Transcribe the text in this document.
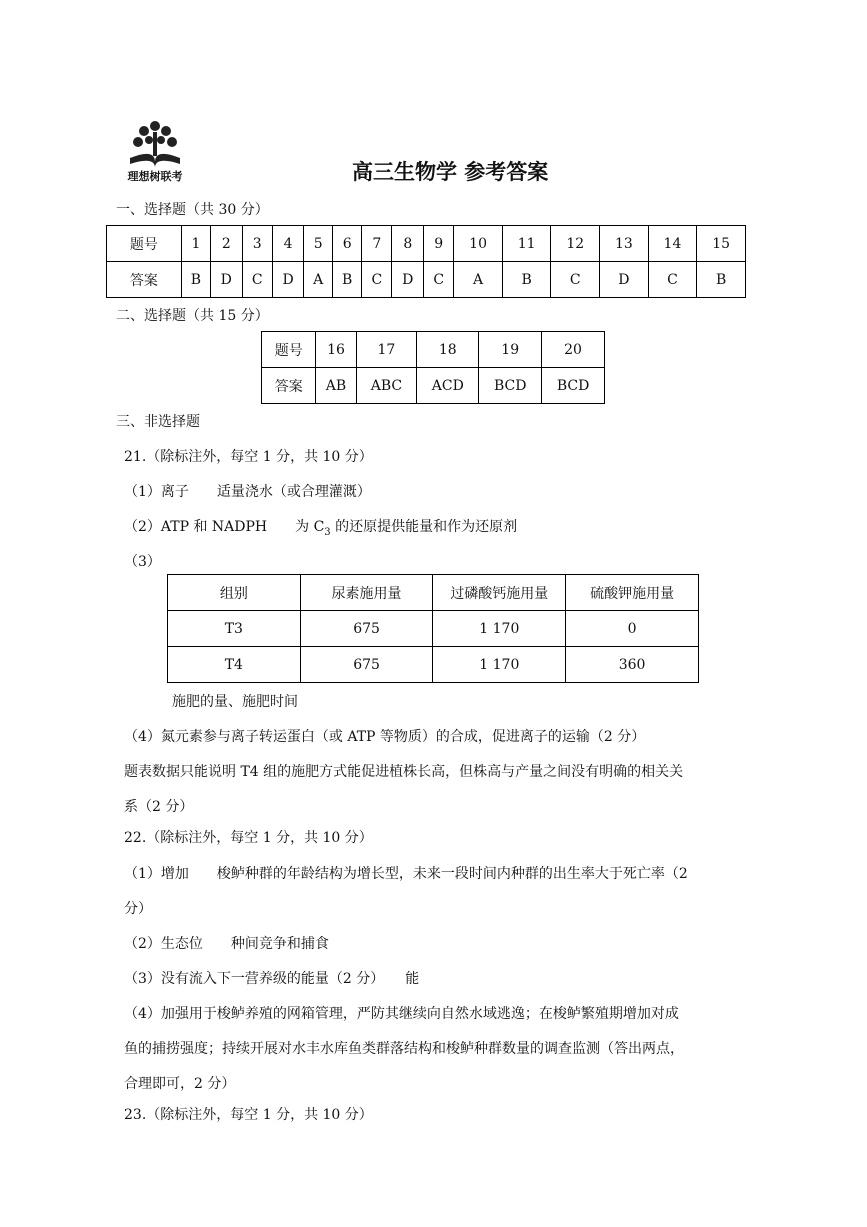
理想树联考	高三生物学 参考答案
一、选择题（共 30 分）
题号	1	2	3	4	5	6	7	8	9	10	11	12	13	14	15
答案	B	D	C	D	A	B	C	D	C	A	B	C	D	C	B
二、选择题（共 15 分）
题号	16	17	18	19	20
答案	AB	ABC	ACD	BCD	BCD
三、非选择题
21.（除标注外，每空 1 分，共 10 分）
（1）离子　　适量浇水（或合理灌溉）
（2）ATP 和 NADPH　　为 $C_3$ 的还原提供能量和作为还原剂
（3）
组别	尿素施用量	过磷酸钙施用量	硫酸钾施用量
T3	675	1 170	0
T4	675	1 170	360
施肥的量、施肥时间
（4）氮元素参与离子转运蛋白（或 ATP 等物质）的合成，促进离子的运输（2 分）
题表数据只能说明 T4 组的施肥方式能促进植株长高，但株高与产量之间没有明确的相关关
系（2 分）
22.（除标注外，每空 1 分，共 10 分）
（1）增加　　梭鲈种群的年龄结构为增长型，未来一段时间内种群的出生率大于死亡率（2
分）
（2）生态位　　种间竞争和捕食
（3）没有流入下一营养级的能量（2 分）　　能
（4）加强用于梭鲈养殖的网箱管理，严防其继续向自然水域逃逸；在梭鲈繁殖期增加对成
鱼的捕捞强度；持续开展对水丰水库鱼类群落结构和梭鲈种群数量的调查监测（答出两点，
合理即可，2 分）
23.（除标注外，每空 1 分，共 10 分）
